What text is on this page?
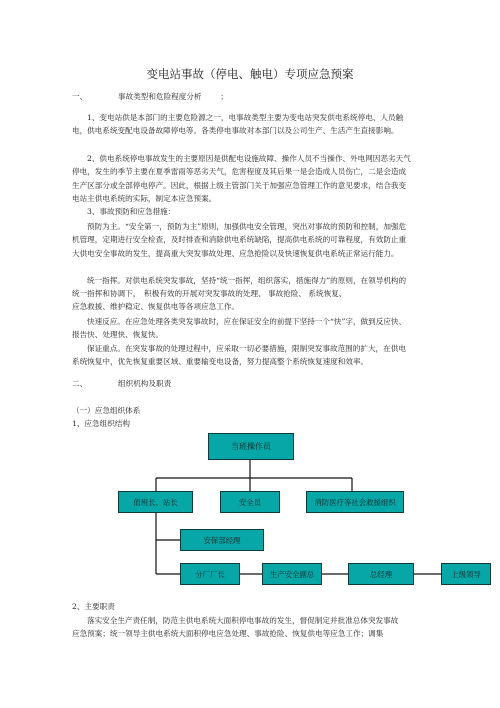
变电站事故（停电、触电）专项应急预案
一、	事故类型和危险程度分析 ；
1、变电站供是本部门的主要危险源之一，电事故类型主要为变电站突发供电系统停电、人员触电，供电系统变配电设备故障停电等。各类停电事故对本部门以及公司生产、生活产生直接影响。
2、供电系统停电事故发生的主要原因是供配电设施故障、操作人员不当操作、外电网因恶劣天气停电，发生的季节主要在夏季雷雨等恶劣天气，危害程度及其后果一是会造成人员伤亡，二是会造成生产区部分或全部停电停产。因此，根据上级主管部门关于加强应急管理工作的意见要求，结合我变电站主供电系统的实际，制定本应急预案。
3、事故预防和应急措施：
预防为主。“安全第一，预防为主”原则，加强供电安全管理，突出对事故的预防和控制，加强危机管理，定期进行安全检查，及时排查和消除供电系统缺陷，提高供电系统的可靠程度，有效防止重大供电安全事故的发生，提高重大突发事故处理、应急抢险以及快速恢复供电系统正常运行能力。
统一指挥。对供电系统突发事故，坚持“统一指挥，组织落实，措施得力”的原则，在领导机构的统一指挥和协调下，　积极有效的开展对突发事故的处理、 事故抢险、 系统恢复、
应急救援、维护稳定、恢复供电等各项应急工作。
快速反应。在应急处理各类突发事故时，应在保证安全的前提下坚持一个“快”字，做到反应快、报告快、处理快、恢复快。
保证重点。在突发事故的处理过程中，应采取一切必要措施，限制突发事故范围的扩大，在供电系统恢复中，优先恢复重要区域、重要输变电设备，努力提高整个系统恢复速度和效率。
二、	组织机构及职责
（一）应急组织体系
1、应急组织结构
当班操作员
值班长、站长	安全员	消防医疗等社会救援组织
安保部经理
分厂厂长	生产安全副总	总经理	上级领导
2、主要职责
落实安全生产责任制，防范主供电系统大面积停电事故的发生，督促制定并批准总体突发事故
应急预案；统一领导主供电系统大面积停电应急处理、事故抢险、恢复供电等应急工作；调集
